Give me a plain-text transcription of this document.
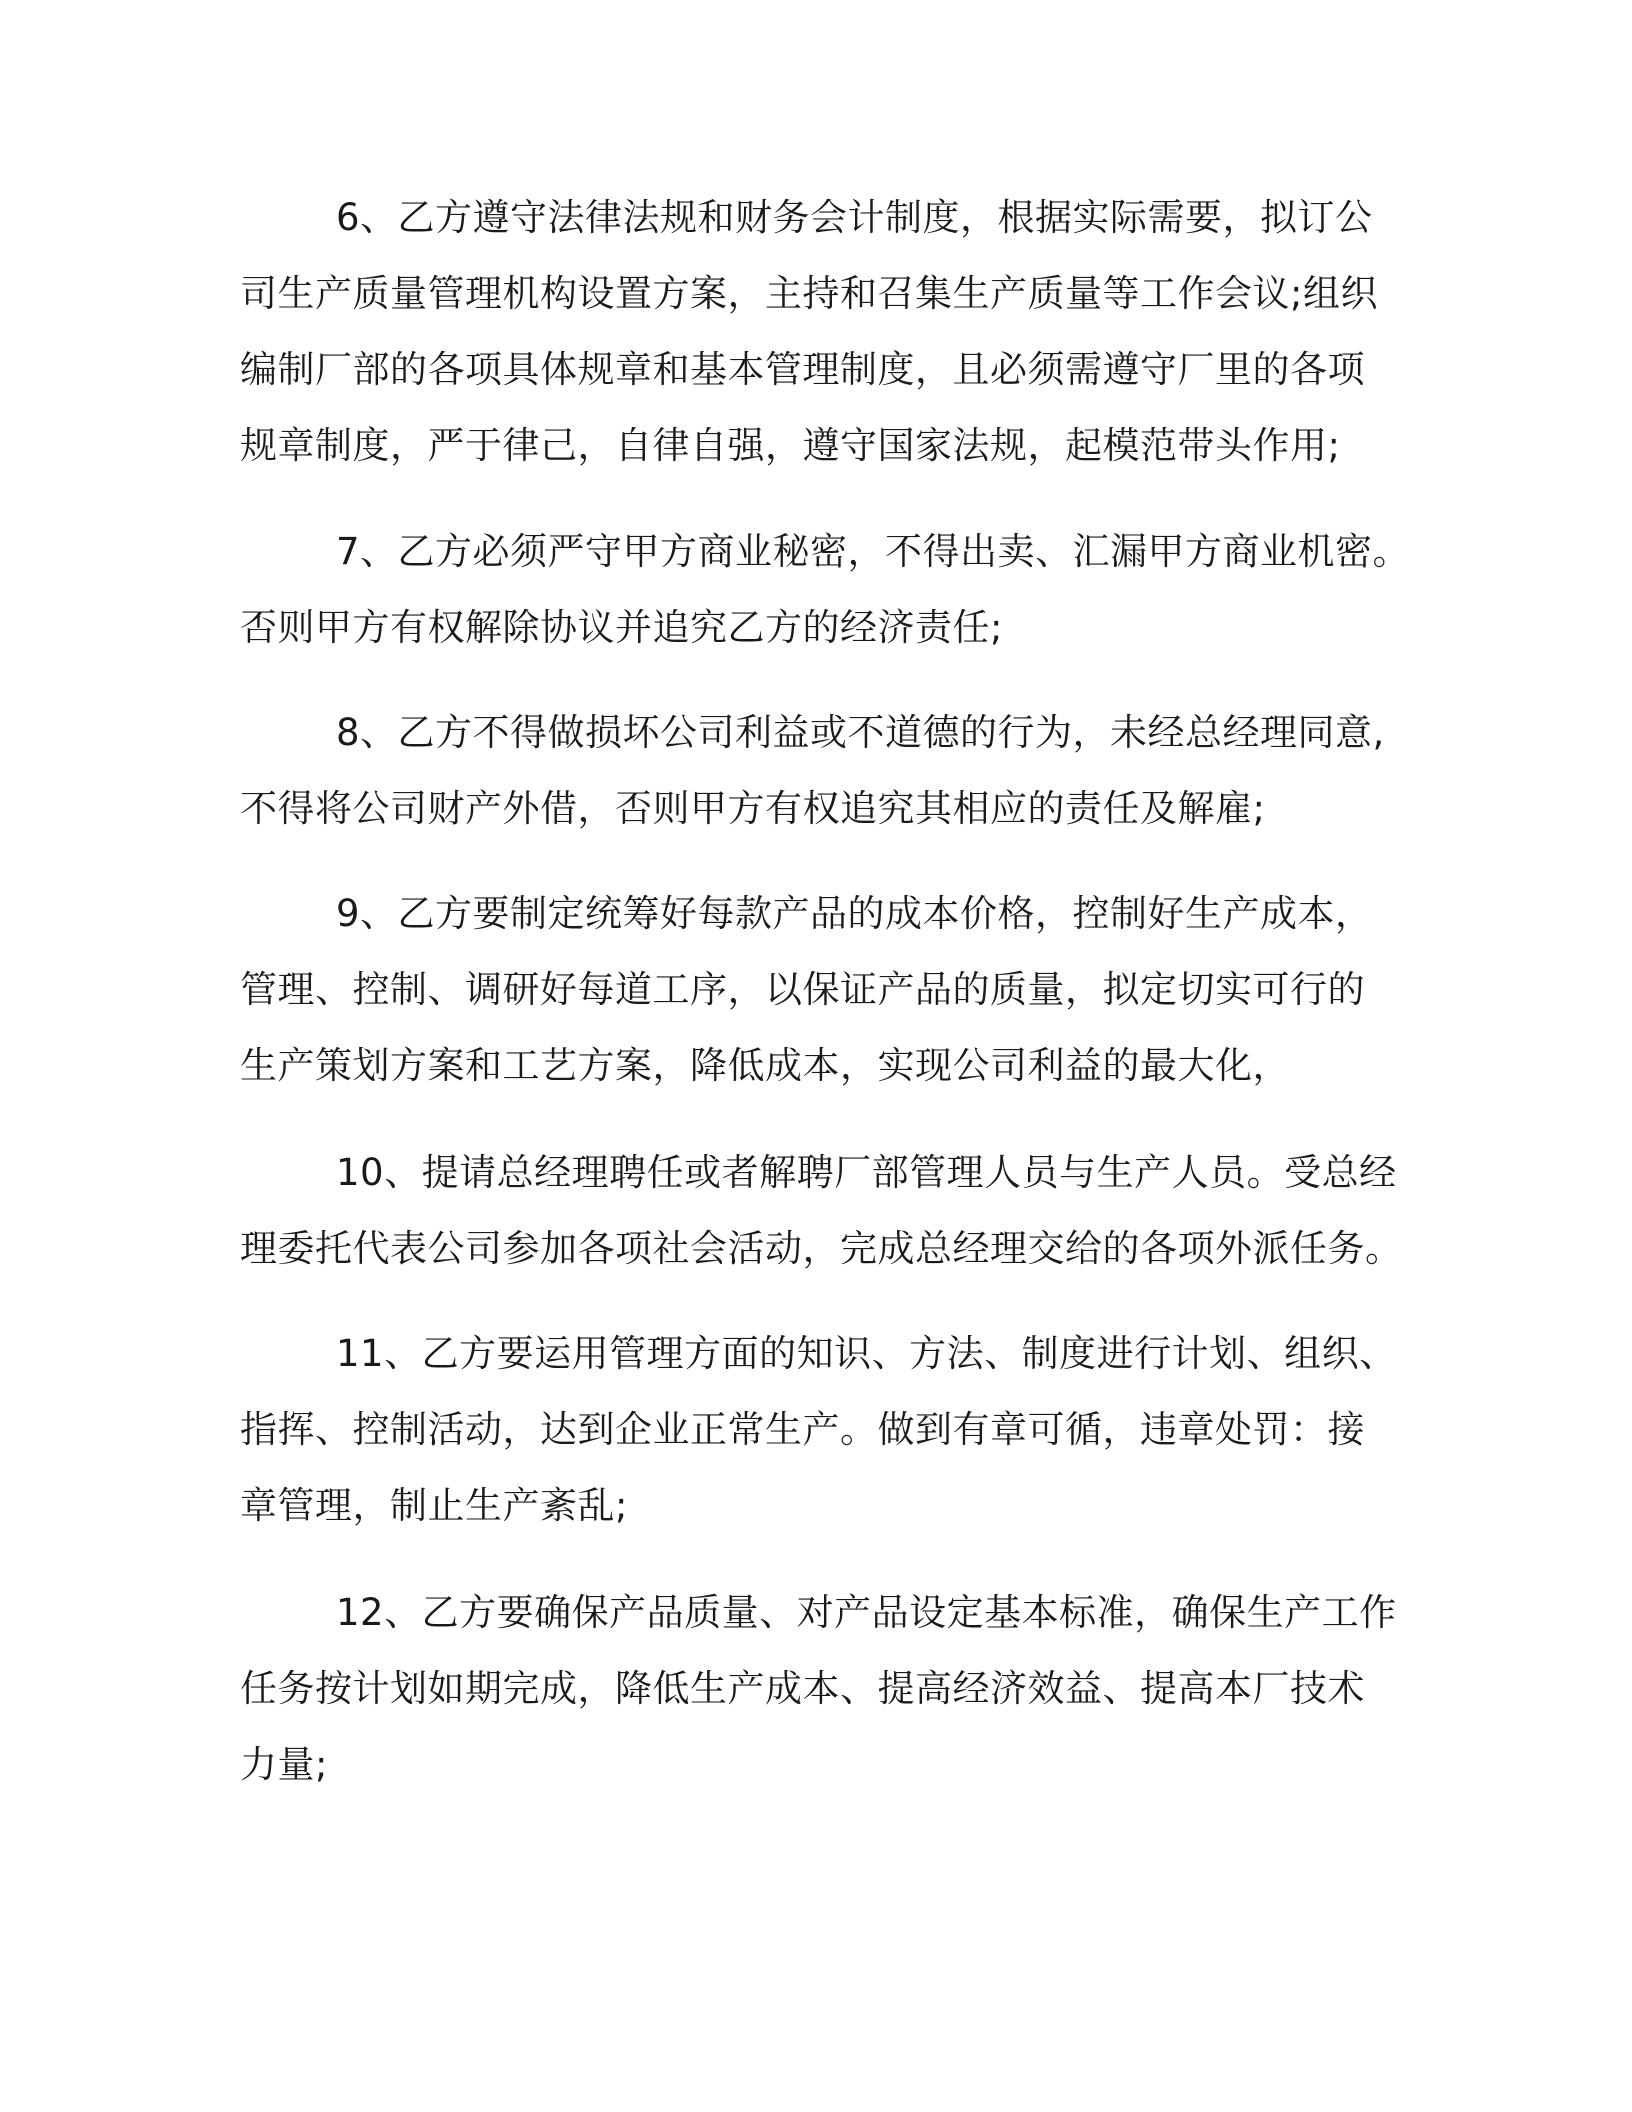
6、乙方遵守法律法规和财务会计制度，根据实际需要，拟订公
司生产质量管理机构设置方案，主持和召集生产质量等工作会议;组织
编制厂部的各项具体规章和基本管理制度，且必须需遵守厂里的各项
规章制度，严于律己，自律自强，遵守国家法规，起模范带头作用;
7、乙方必须严守甲方商业秘密，不得出卖、汇漏甲方商业机密。
否则甲方有权解除协议并追究乙方的经济责任;
8、乙方不得做损坏公司利益或不道德的行为，未经总经理同意,
不得将公司财产外借，否则甲方有权追究其相应的责任及解雇;
9、乙方要制定统筹好每款产品的成本价格，控制好生产成本，
管理、控制、调研好每道工序，以保证产品的质量，拟定切实可行的
生产策划方案和工艺方案，降低成本，实现公司利益的最大化，
10、提请总经理聘任或者解聘厂部管理人员与生产人员。受总经
理委托代表公司参加各项社会活动，完成总经理交给的各项外派任务。
11、乙方要运用管理方面的知识、方法、制度进行计划、组织、
指挥、控制活动，达到企业正常生产。做到有章可循，违章处罚：接
章管理，制止生产紊乱;
12、乙方要确保产品质量、对产品设定基本标准，确保生产工作
任务按计划如期完成，降低生产成本、提高经济效益、提高本厂技术
力量;
